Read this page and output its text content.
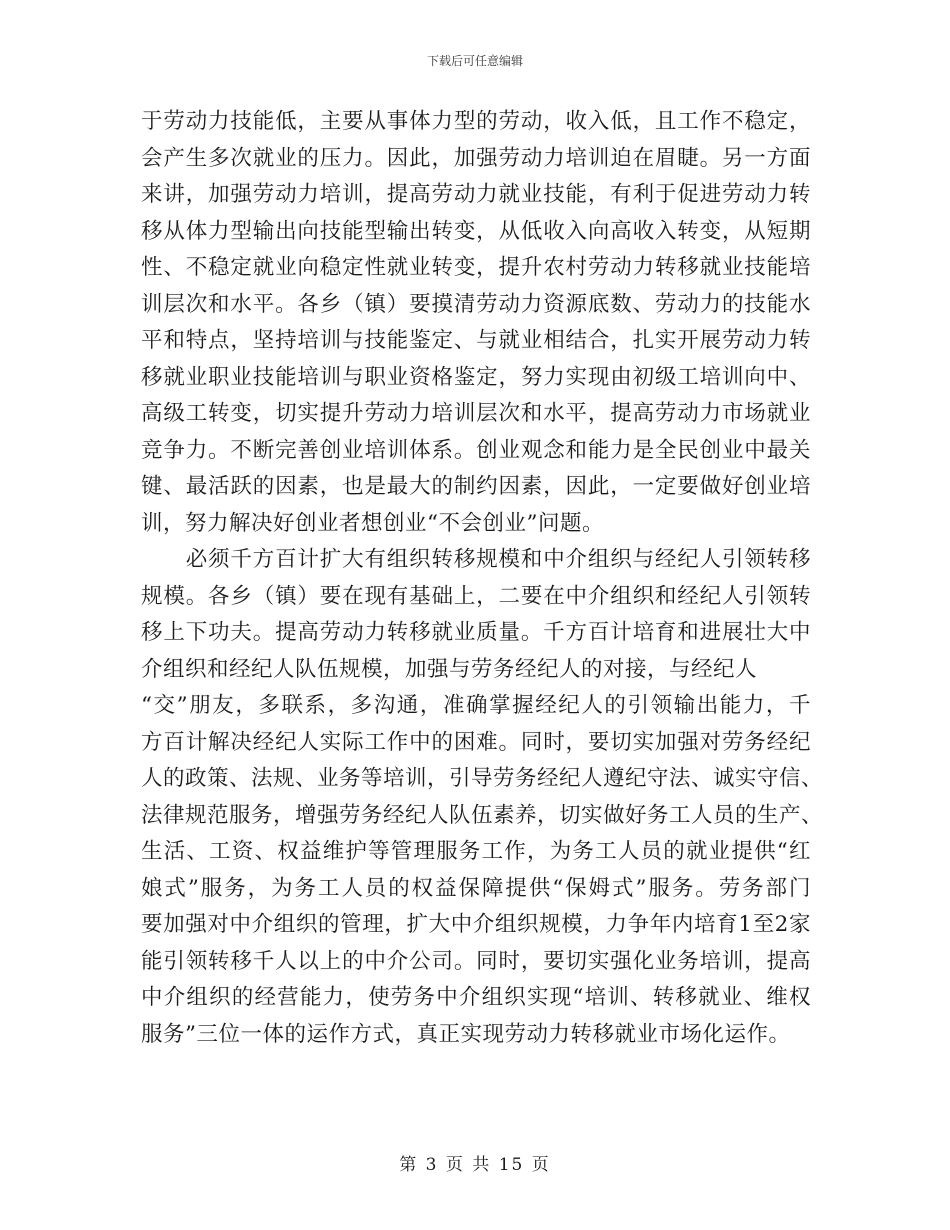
下载后可任意编辑
于劳动力技能低，主要从事体力型的劳动，收入低，且工作不稳定，
会产生多次就业的压力。因此，加强劳动力培训迫在眉睫。另一方面
来讲，加强劳动力培训，提高劳动力就业技能，有利于促进劳动力转
移从体力型输出向技能型输出转变，从低收入向高收入转变，从短期
性、不稳定就业向稳定性就业转变，提升农村劳动力转移就业技能培
训层次和水平。各乡（镇）要摸清劳动力资源底数、劳动力的技能水
平和特点，坚持培训与技能鉴定、与就业相结合，扎实开展劳动力转
移就业职业技能培训与职业资格鉴定，努力实现由初级工培训向中、
高级工转变，切实提升劳动力培训层次和水平，提高劳动力市场就业
竞争力。不断完善创业培训体系。创业观念和能力是全民创业中最关
键、最活跃的因素，也是最大的制约因素，因此，一定要做好创业培
训，努力解决好创业者想创业“不会创业”问题。
　　必须千方百计扩大有组织转移规模和中介组织与经纪人引领转移
规模。各乡（镇）要在现有基础上，二要在中介组织和经纪人引领转
移上下功夫。提高劳动力转移就业质量。千方百计培育和进展壮大中
介组织和经纪人队伍规模，加强与劳务经纪人的对接，与经纪人
“交”朋友，多联系，多沟通，准确掌握经纪人的引领输出能力，千
方百计解决经纪人实际工作中的困难。同时，要切实加强对劳务经纪
人的政策、法规、业务等培训，引导劳务经纪人遵纪守法、诚实守信、
法律规范服务，增强劳务经纪人队伍素养，切实做好务工人员的生产、
生活、工资、权益维护等管理服务工作，为务工人员的就业提供“红
娘式”服务，为务工人员的权益保障提供“保姆式”服务。劳务部门
要加强对中介组织的管理，扩大中介组织规模，力争年内培育1至2家
能引领转移千人以上的中介公司。同时，要切实强化业务培训，提高
中介组织的经营能力，使劳务中介组织实现“培训、转移就业、维权
服务”三位一体的运作方式，真正实现劳动力转移就业市场化运作。
第 3 页 共 15 页
